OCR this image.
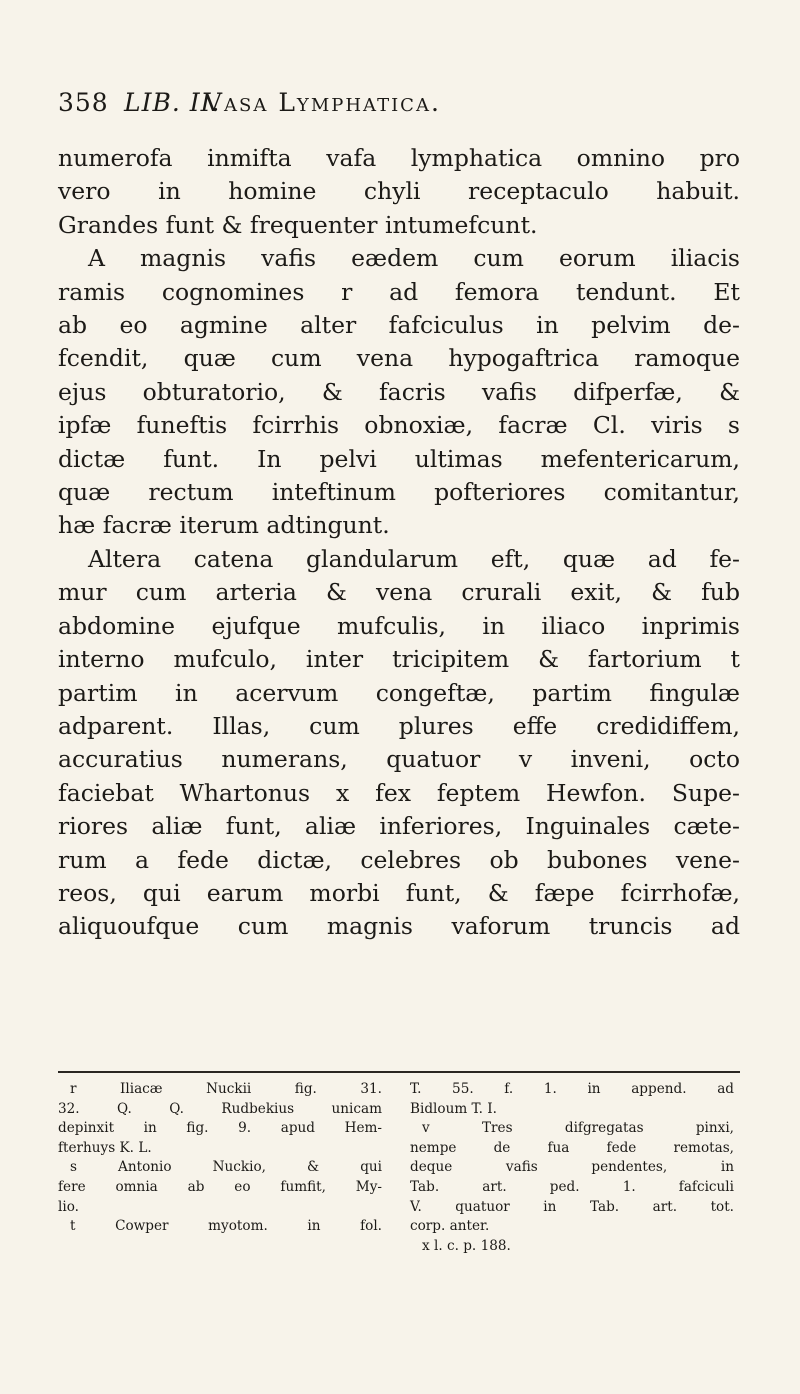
358 LIB. II.
Vasa Lymphatica.
numerofa inmifta vafa lymphatica omnino pro
vero in homine chyli receptaculo habuit.
Grandes funt & frequenter intumefcunt.
A magnis vafis eædem cum eorum iliacis
ramis cognomines r ad femora tendunt. Et
ab eo agmine alter fafciculus in pelvim de-
fcendit, quæ cum vena hypogaftrica ramoque
ejus obturatorio, & facris vafis difperfæ, &
ipfæ funeftis fcirrhis obnoxiæ, facræ Cl. viris s
dictæ funt. In pelvi ultimas mefentericarum,
quæ rectum inteftinum pofteriores comitantur,
hæ facræ iterum adtingunt.
Altera catena glandularum eft, quæ ad fe-
mur cum arteria & vena crurali exit, & fub
abdomine ejufque mufculis, in iliaco inprimis
interno mufculo, inter tricipitem & fartorium t
partim in acervum congeftæ, partim fingulæ
adparent. Illas, cum plures effe credidiffem,
accuratius numerans, quatuor v inveni, octo
faciebat Whartonus x fex feptem Hewfon. Supe-
riores aliæ funt, aliæ inferiores, Inguinales cæte-
rum a fede dictæ, celebres ob bubones vene-
reos, qui earum morbi funt, & fæpe fcirrhofæ,
aliquoufque cum magnis vaforum truncis ad
r Iliacæ Nuckii fig. 31.
32. Q. Q. Rudbekius unicam
depinxit in fig. 9. apud Hem-
fterhuys K. L.
s Antonio Nuckio, & qui
fere omnia ab eo fumfit, My-
lio.
t Cowper myotom. in fol.
T. 55. f. 1. in append. ad
Bidloum T. I.
v Tres difgregatas pinxi,
nempe de fua fede remotas,
deque vafis pendentes, in
Tab. art. ped. 1. fafciculi
V. quatuor in Tab. art. tot.
corp. anter.
x l. c. p. 188.
